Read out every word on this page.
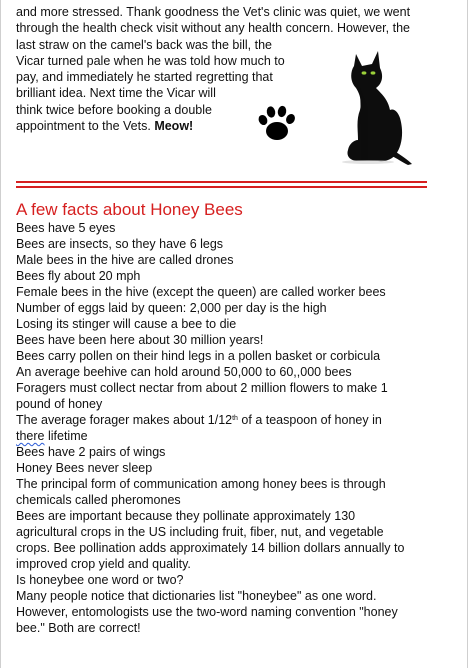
and more stressed. Thank goodness the Vet's clinic was quiet, we went
through the health check visit without any health concern. However, the
last straw on the camel's back was the bill, the
Vicar turned pale when he was told how much to
pay, and immediately he started regretting that
brilliant idea. Next time the Vicar will
think twice before booking a double
appointment to the Vets. Meow!
A few facts about Honey Bees
Bees have 5 eyes
Bees are insects, so they have 6 legs
Male bees in the hive are called drones
Bees fly about 20 mph
Female bees in the hive (except the queen) are called worker bees
Number of eggs laid by queen: 2,000 per day is the high
Losing its stinger will cause a bee to die
Bees have been here about 30 million years!
Bees carry pollen on their hind legs in a pollen basket or corbicula
An average beehive can hold around 50,000 to 60,,000 bees
Foragers must collect nectar from about 2 million flowers to make 1
pound of honey
The average forager makes about 1/12th of a teaspoon of honey in
there lifetime
Bees have 2 pairs of wings
Honey Bees never sleep
The principal form of communication among honey bees is through
chemicals called pheromones
Bees are important because they pollinate approximately 130
agricultural crops in the US including fruit, fiber, nut, and vegetable
crops. Bee pollination adds approximately 14 billion dollars annually to
improved crop yield and quality.
Is honeybee one word or two?
Many people notice that dictionaries list "honeybee" as one word.
However, entomologists use the two-word naming convention "honey
bee." Both are correct!
